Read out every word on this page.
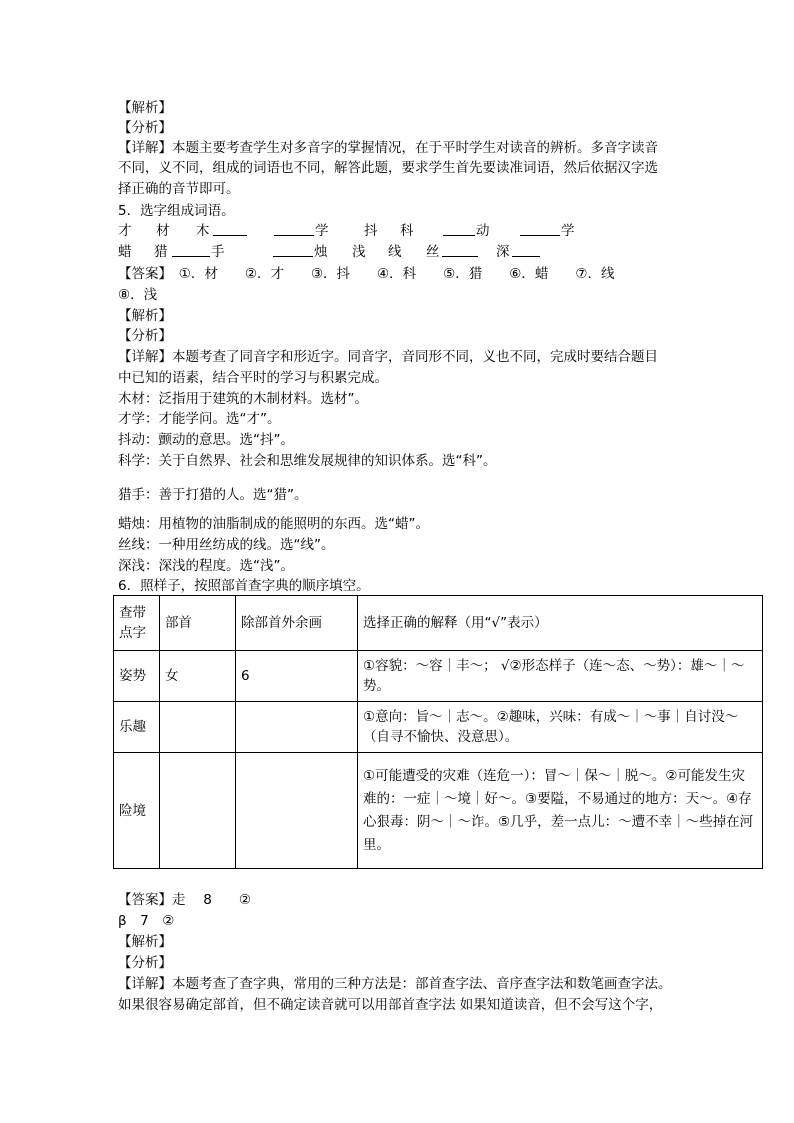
【解析】
【分析】
【详解】本题主要考查学生对多音字的掌握情况，在于平时学生对读音的辨析。多音字读音
不同，义不同，组成的词语也不同，解答此题，要求学生首先要读准词语，然后依据汉字选
择正确的音节即可。
5．选字组成词语。
才 材 木	学	抖 科	动	学
蜡 猎	手	烛 浅 线 丝	深
【答案】　①．材　　②．才　　③．抖　　④．科　　⑤．猎　　⑥．蜡　　⑦．线
⑧．浅
【解析】
【分析】
【详解】本题考查了同音字和形近字。同音字，音同形不同，义也不同，完成时要结合题目
中已知的语素，结合平时的学习与积累完成。
木材：泛指用于建筑的木制材料。选材”。
才学：才能学问。选“才”。
抖动：颤动的意思。选“抖”。
科学：关于自然界、社会和思维发展规律的知识体系。选“科”。
猎手：善于打猎的人。选“猎”。
蜡烛：用植物的油脂制成的能照明的东西。选“蜡”。
丝线：一种用丝纺成的线。选“线”。
深浅：深浅的程度。选“浅”。
6．照样子，按照部首查字典的顺序填空。
查带点字	部首	除部首外余画	选择正确的解释（用“√”表示）
姿势	女	6	①容貌：～容｜丰～； √②形态样子（连～态、～势）：雄～｜～势。
乐趣			①意向：旨～｜志～。②趣味，兴味：有成～｜～事｜自讨没～（自寻不愉快、没意思）。
险境			①可能遭受的灾难（连危一）：冒～｜保～｜脱～。②可能发生灾难的：一症｜～境｜好～。③要隘，不易通过的地方：天～。④存心狠毒：阴～｜～诈。⑤几乎，差一点儿：～遭不幸｜～些掉在河里。
【答案】走　 8　　②
β　7　②
【解析】
【分析】
【详解】本题考查了查字典，常用的三种方法是：部首查字法、音序查字法和数笔画查字法。
如果很容易确定部首，但不确定读音就可以用部首查字法 如果知道读音，但不会写这个字，
